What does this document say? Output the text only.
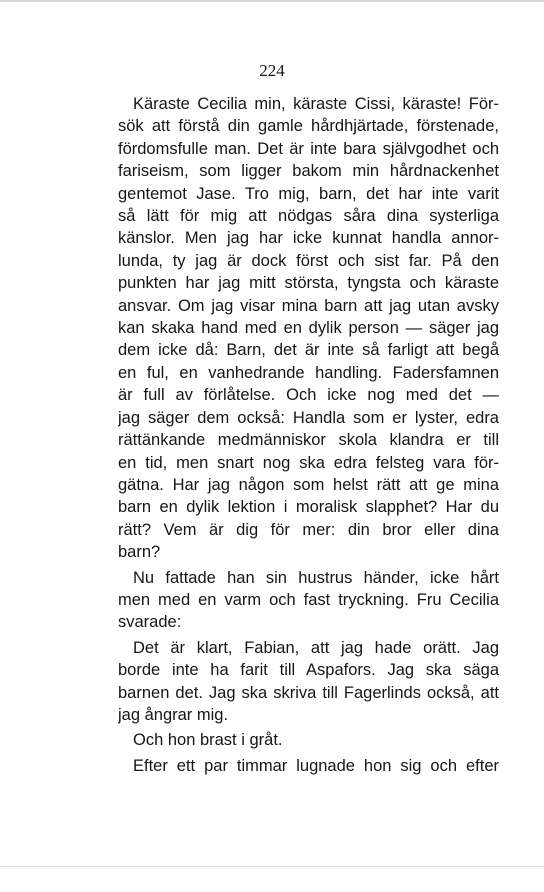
224
Käraste Cecilia min, käraste Cissi, käraste! För-
sök att förstå din gamle hårdhjärtade, förstenade,
fördomsfulle man. Det är inte bara självgodhet och
fariseism, som ligger bakom min hårdnackenhet
gentemot Jase. Tro mig, barn, det har inte varit
så lätt för mig att nödgas såra dina systerliga
känslor. Men jag har icke kunnat handla annor-
lunda, ty jag är dock först och sist far. På den
punkten har jag mitt största, tyngsta och käraste
ansvar. Om jag visar mina barn att jag utan avsky
kan skaka hand med en dylik person — säger jag
dem icke då: Barn, det är inte så farligt att begå
en ful, en vanhedrande handling. Fadersfamnen
är full av förlåtelse. Och icke nog med det —
jag säger dem också: Handla som er lyster, edra
rättänkande medmänniskor skola klandra er till
en tid, men snart nog ska edra felsteg vara för-
gätna. Har jag någon som helst rätt att ge mina
barn en dylik lektion i moralisk slapphet? Har du
rätt? Vem är dig för mer: din bror eller dina
barn?
Nu fattade han sin hustrus händer, icke hårt
men med en varm och fast tryckning. Fru Cecilia
svarade:
Det är klart, Fabian, att jag hade orätt. Jag
borde inte ha farit till Aspafors. Jag ska säga
barnen det. Jag ska skriva till Fagerlinds också, att
jag ångrar mig.
Och hon brast i gråt.
Efter ett par timmar lugnade hon sig och efter
